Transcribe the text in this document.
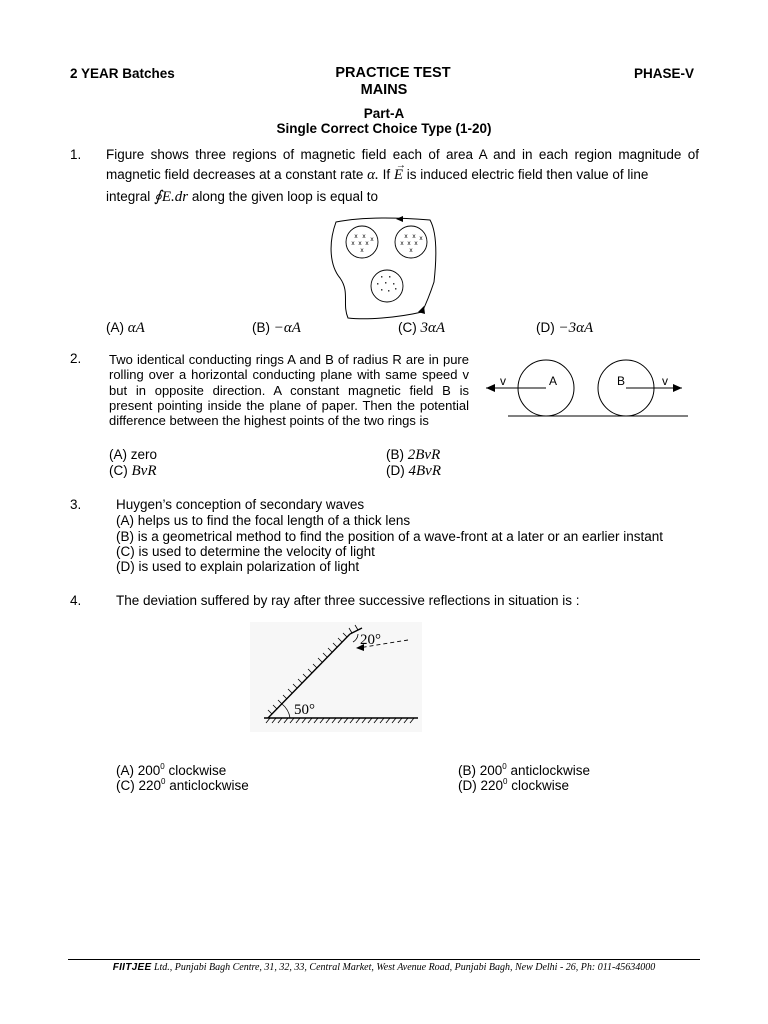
2 YEAR Batches	PRACTICE TEST
MAINS
PHASE-V
Part-A
Single Correct Choice Type (1-20)
1. Figure shows three regions of magnetic field each of area A and in each region magnitude of
magnetic field decreases at a constant rate α. If E
→
is induced electric field then value of line
integral ∮E.dr along the given loop is equal to
x x
x x x
x
x
x x
x x x
x
x
· ·
· · ·
· · ·
(A) αA	(B) −αA	(C) 3αA	(D) −3αA
2. Two identical conducting rings A and B of radius R are in pure rolling over a horizontal conducting plane with same speed v but in opposite direction. A constant magnetic field B is present pointing inside the plane of paper. Then the potential difference between the highest points of the two rings is
(A) zero	(B) 2BvR
(C) BvR	(D) 4BvR
v	A	B	v
3.	Huygen’s conception of secondary waves
(A) helps us to find the focal length of a thick lens
(B) is a geometrical method to find the position of a wave-front at a later or an earlier instant
(C) is used to determine the velocity of light
(D) is used to explain polarization of light
4.	The deviation suffered by ray after three successive reflections in situation is :
20°
50°
(A) $200^0$ clockwise	(B) $200^0$ anticlockwise
(C) $220^0$ anticlockwise	(D) $220^0$ clockwise
FIITJEE Ltd., Punjabi Bagh Centre, 31, 32, 33, Central Market, West Avenue Road, Punjabi Bagh, New Delhi - 26, Ph: 011-45634000
